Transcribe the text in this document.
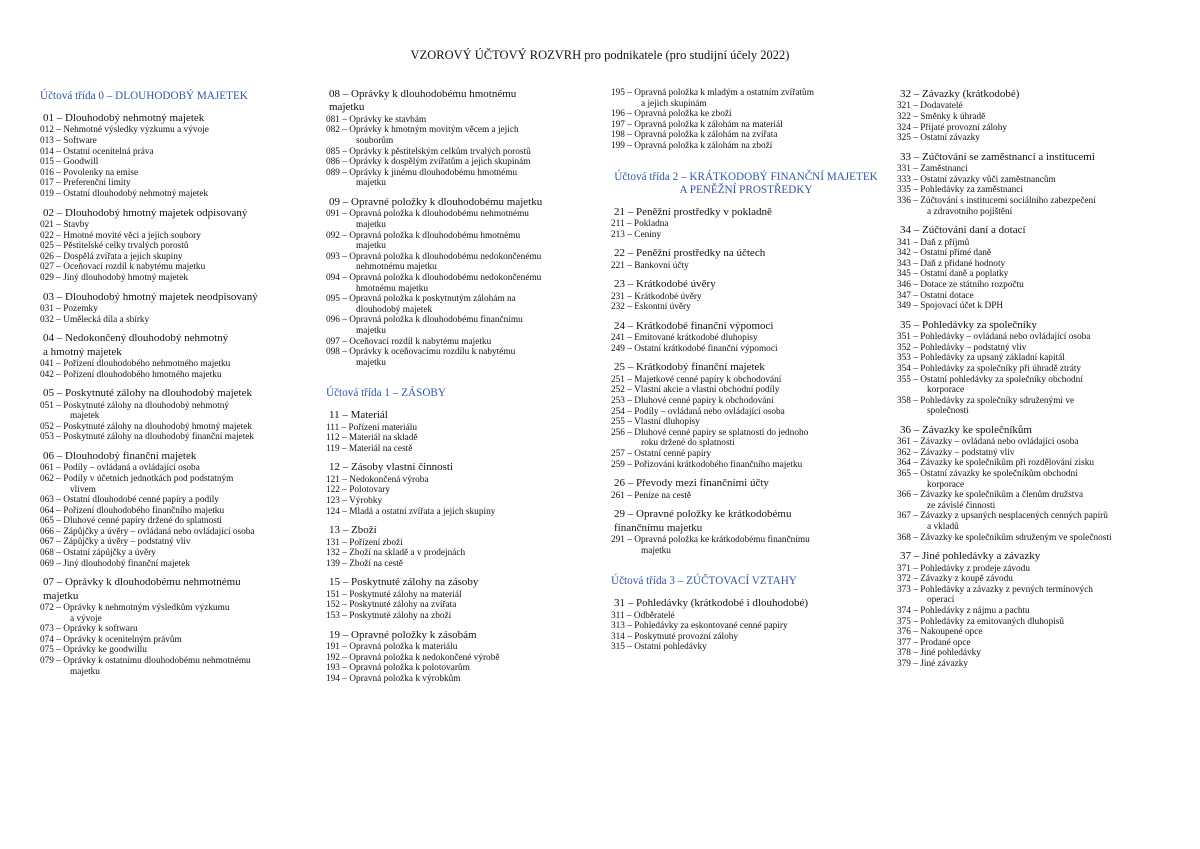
VZOROVÝ ÚČTOVÝ ROZVRH pro podnikatele (pro studijní účely 2022)
Účtová třída 0 – DLOUHODOBÝ MAJETEK
01 – Dlouhodobý nehmotný majetek
012 – Nehmotné výsledky výzkumu a vývoje
013 – Software
014 – Ostatní ocenitelná práva
015 – Goodwill
016 – Povolenky na emise
017 – Preferenční limity
019 – Ostatní dlouhodobý nehmotný majetek
02 – Dlouhodobý hmotný majetek odpisovaný
021 – Stavby
022 – Hmotné movité věci a jejich soubory
025 – Pěstitelské celky trvalých porostů
026 – Dospělá zvířata a jejich skupiny
027 – Oceňovací rozdíl k nabytému majetku
029 – Jiný dlouhodobý hmotný majetek
03 – Dlouhodobý hmotný majetek neodpisovaný
031 – Pozemky
032 – Umělecká díla a sbírky
04 – Nedokončený dlouhodobý nehmotný
a hmotný majetek
041 – Pořízení dlouhodobého nehmotného majetku
042 – Pořízení dlouhodobého hmotného majetku
05 – Poskytnuté zálohy na dlouhodobý majetek
051 – Poskytnuté zálohy na dlouhodobý nehmotný
majetek
052 – Poskytnuté zálohy na dlouhodobý hmotný majetek
053 – Poskytnuté zálohy na dlouhodobý finanční majetek
06 – Dlouhodobý finanční majetek
061 – Podíly – ovládaná a ovládající osoba
062 – Podíly v účetních jednotkách pod podstatným
vlivem
063 – Ostatní dlouhodobé cenné papíry a podíly
064 – Pořízení dlouhodobého finančního majetku
065 – Dluhové cenné papíry držené do splatnosti
066 – Zápůjčky a úvěry – ovládaná nebo ovládající osoba
067 – Zápůjčky a úvěry – podstatný vliv
068 – Ostatní zápůjčky a úvěry
069 – Jiný dlouhodobý finanční majetek
07 – Oprávky k dlouhodobému nehmotnému
majetku
072 – Oprávky k nehmotným výsledkům výzkumu
a vývoje
073 – Oprávky k softwaru
074 – Oprávky k ocenitelným právům
075 – Oprávky ke goodwillu
079 – Oprávky k ostatnímu dlouhodobému nehmotnému
majetku
08 – Oprávky k dlouhodobému hmotnému
majetku
081 – Oprávky ke stavbám
082 – Oprávky k hmotným movitým věcem a jejich
souborům
085 – Oprávky k pěstitelským celkům trvalých porostů
086 – Oprávky k dospělým zvířatům a jejich skupinám
089 – Oprávky k jinému dlouhodobému hmotnému
majetku
09 – Opravné položky k dlouhodobému majetku
091 – Opravná položka k dlouhodobému nehmotnému
majetku
092 – Opravná položka k dlouhodobému hmotnému
majetku
093 – Opravná položka k dlouhodobému nedokončenému
nehmotnému majetku
094 – Opravná položka k dlouhodobému nedokončenému
hmotnému majetku
095 – Opravná položka k poskytnutým zálohám na
dlouhodobý majetek
096 – Opravná položka k dlouhodobému finančnímu
majetku
097 – Oceňovací rozdíl k nabytému majetku
098 – Oprávky k oceňovacímu rozdílu k nabytému
majetku
Účtová třída 1 – ZÁSOBY
11 – Materiál
111 – Pořízení materiálu
112 – Materiál na skladě
119 – Materiál na cestě
12 – Zásoby vlastní činnosti
121 – Nedokončená výroba
122 – Polotovary
123 – Výrobky
124 – Mladá a ostatní zvířata a jejich skupiny
13 – Zboží
131 – Pořízení zboží
132 – Zboží na skladě a v prodejnách
139 – Zboží na cestě
15 – Poskytnuté zálohy na zásoby
151 – Poskytnuté zálohy na materiál
152 – Poskytnuté zálohy na zvířata
153 – Poskytnuté zálohy na zboží
19 – Opravné položky k zásobám
191 – Opravná položka k materiálu
192 – Opravná položka k nedokončené výrobě
193 – Opravná položka k polotovarům
194 – Opravná položka k výrobkům
195 – Opravná položka k mladým a ostatním zvířatům
a jejich skupinám
196 – Opravná položka ke zboží
197 – Opravná položka k zálohám na materiál
198 – Opravná položka k zálohám na zvířata
199 – Opravná položka k zálohám na zboží
Účtová třída 2 – KRÁTKODOBÝ FINANČNÍ MAJETEK A PENĚŽNÍ PROSTŘEDKY
21 – Peněžní prostředky v pokladně
211 – Pokladna
213 – Ceniny
22 – Peněžní prostředky na účtech
221 – Bankovní účty
23 – Krátkodobé úvěry
231 – Krátkodobé úvěry
232 – Eskontní úvěry
24 – Krátkodobé finanční výpomoci
241 – Emitované krátkodobé dluhopisy
249 – Ostatní krátkodobé finanční výpomoci
25 – Krátkodobý finanční majetek
251 – Majetkové cenné papíry k obchodování
252 – Vlastní akcie a vlastní obchodní podíly
253 – Dluhové cenné papíry k obchodování
254 – Podíly – ovládaná nebo ovládající osoba
255 – Vlastní dluhopisy
256 – Dluhové cenné papíry se splatností do jednoho
roku držené do splatnosti
257 – Ostatní cenné papíry
259 – Pořizování krátkodobého finančního majetku
26 – Převody mezi finančními účty
261 – Peníze na cestě
29 – Opravné položky ke krátkodobému
finančnímu majetku
291 – Opravná položka ke krátkodobému finančnímu
majetku
Účtová třída 3 – ZÚČTOVACÍ VZTAHY
31 – Pohledávky (krátkodobé i dlouhodobé)
311 – Odběratelé
313 – Pohledávky za eskontované cenné papíry
314 – Poskytnuté provozní zálohy
315 – Ostatní pohledávky
32 – Závazky (krátkodobé)
321 – Dodavatelé
322 – Směnky k úhradě
324 – Přijaté provozní zálohy
325 – Ostatní závazky
33 – Zúčtování se zaměstnanci a institucemi
331 – Zaměstnanci
333 – Ostatní závazky vůči zaměstnancům
335 – Pohledávky za zaměstnanci
336 – Zúčtování s institucemi sociálního zabezpečení
a zdravotního pojištění
34 – Zúčtování daní a dotací
341 – Daň z příjmů
342 – Ostatní přímé daně
343 – Daň z přidané hodnoty
345 – Ostatní daně a poplatky
346 – Dotace ze státního rozpočtu
347 – Ostatní dotace
349 – Spojovací účet k DPH
35 – Pohledávky za společníky
351 – Pohledávky – ovládaná nebo ovládající osoba
352 – Pohledávky – podstatný vliv
353 – Pohledávky za upsaný základní kapitál
354 – Pohledávky za společníky při úhradě ztráty
355 – Ostatní pohledávky za společníky obchodní
korporace
358 – Pohledávky za společníky sdruženými ve
společnosti
36 – Závazky ke společníkům
361 – Závazky – ovládaná nebo ovládající osoba
362 – Závazky – podstatný vliv
364 – Závazky ke společníkům při rozdělování zisku
365 – Ostatní závazky ke společníkům obchodní
korporace
366 – Závazky ke společníkům a členům družstva
ze závislé činnosti
367 – Závazky z upsaných nesplacených cenných papírů
a vkladů
368 – Závazky ke společníkům sdruženým ve společnosti
37 – Jiné pohledávky a závazky
371 – Pohledávky z prodeje závodu
372 – Závazky z koupě závodu
373 – Pohledávky a závazky z pevných termínových
operací
374 – Pohledávky z nájmu a pachtu
375 – Pohledávky za emitovaných dluhopisů
376 – Nakoupené opce
377 – Prodané opce
378 – Jiné pohledávky
379 – Jiné závazky
